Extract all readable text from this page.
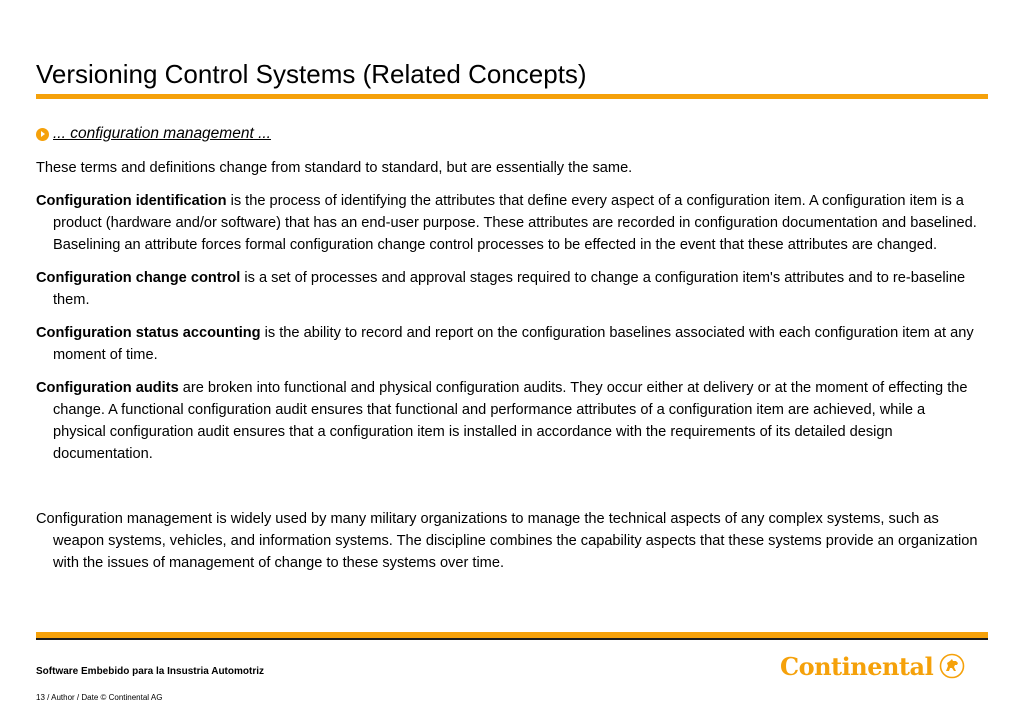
Versioning Control Systems (Related Concepts)
... configuration management ...

These terms and definitions change from standard to standard, but are essentially the same.

Configuration identification is the process of identifying the attributes that define every aspect of a configuration item. A configuration item is a product (hardware and/or software) that has an end-user purpose. These attributes are recorded in configuration documentation and baselined. Baselining an attribute forces formal configuration change control processes to be effected in the event that these attributes are changed.

Configuration change control is a set of processes and approval stages required to change a configuration item's attributes and to re-baseline them.

Configuration status accounting is the ability to record and report on the configuration baselines associated with each configuration item at any moment of time.

Configuration audits are broken into functional and physical configuration audits. They occur either at delivery or at the moment of effecting the change. A functional configuration audit ensures that functional and performance attributes of a configuration item are achieved, while a physical configuration audit ensures that a configuration item is installed in accordance with the requirements of its detailed design documentation.

Configuration management is widely used by many military organizations to manage the technical aspects of any complex systems, such as weapon systems, vehicles, and information systems. The discipline combines the capability aspects that these systems provide an organization with the issues of management of change to these systems over time.

Software Embebido para la Insustria Automotriz
13 / Author / Date © Continental AG
Continental
